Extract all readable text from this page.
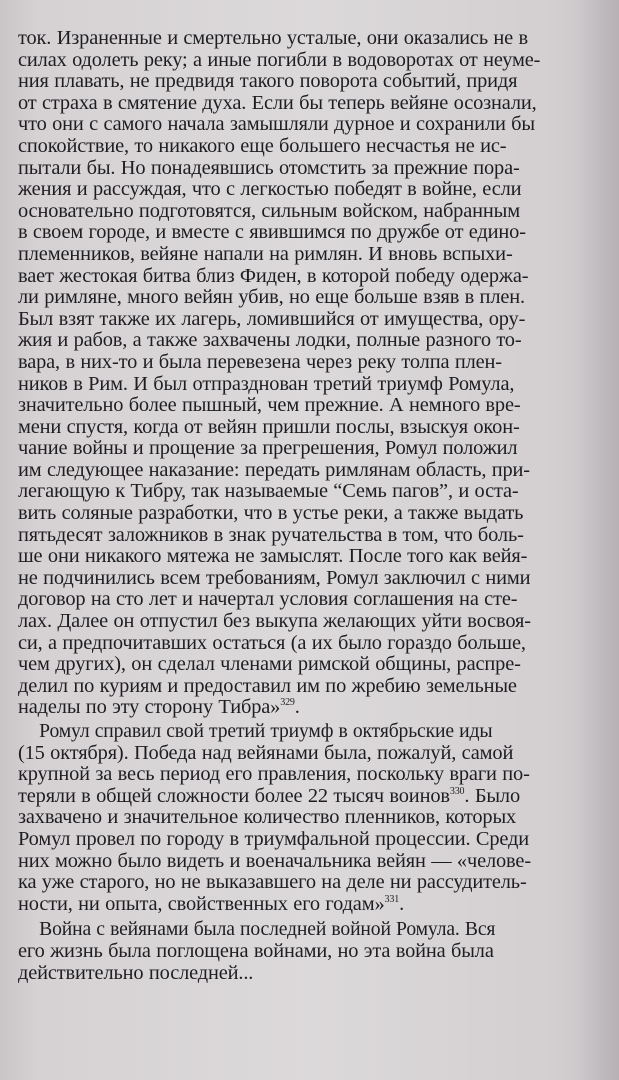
ток. Израненные и смертельно усталые, они оказались не в
силах одолеть реку; а иные погибли в водоворотах от неуме-
ния плавать, не предвидя такого поворота событий, придя
от страха в смятение духа. Если бы теперь вейяне осознали,
что они с самого начала замышляли дурное и сохранили бы
спокойствие, то никакого еще большего несчастья не ис-
пытали бы. Но понадеявшись отомстить за прежние пора-
жения и рассуждая, что с легкостью победят в войне, если
основательно подготовятся, сильным войском, набранным
в своем городе, и вместе с явившимся по дружбе от едино-
племенников, вейяне напали на римлян. И вновь вспыхи-
вает жестокая битва близ Фиден, в которой победу одержа-
ли римляне, много вейян убив, но еще больше взяв в плен.
Был взят также их лагерь, ломившийся от имущества, ору-
жия и рабов, а также захвачены лодки, полные разного то-
вара, в них-то и была перевезена через реку толпа плен-
ников в Рим. И был отпразднован третий триумф Ромула,
значительно более пышный, чем прежние. А немного вре-
мени спустя, когда от вейян пришли послы, взыскуя окон-
чание войны и прощение за прегрешения, Ромул положил
им следующее наказание: передать римлянам область, при-
легающую к Тибру, так называемые “Семь пагов”, и оста-
вить соляные разработки, что в устье реки, а также выдать
пятьдесят заложников в знак ручательства в том, что боль-
ше они никакого мятежа не замыслят. После того как вейя-
не подчинились всем требованиям, Ромул заключил с ними
договор на сто лет и начертал условия соглашения на сте-
лах. Далее он отпустил без выкупа желающих уйти восвоя-
си, а предпочитавших остаться (а их было гораздо больше,
чем других), он сделал членами римской общины, распре-
делил по куриям и предоставил им по жребию земельные
наделы по эту сторону Тибра»$^{329}$.

Ромул справил свой третий триумф в октябрьские иды
(15 октября). Победа над вейянами была, пожалуй, самой
крупной за весь период его правления, поскольку враги по-
теряли в общей сложности более 22 тысяч воинов$^{330}$. Было
захвачено и значительное количество пленников, которых
Ромул провел по городу в триумфальной процессии. Среди
них можно было видеть и военачальника вейян — «челове-
ка уже старого, но не выказавшего на деле ни рассудитель-
ности, ни опыта, свойственных его годам»$^{331}$.

Война с вейянами была последней войной Ромула. Вся
его жизнь была поглощена войнами, но эта война была
действительно последней...
